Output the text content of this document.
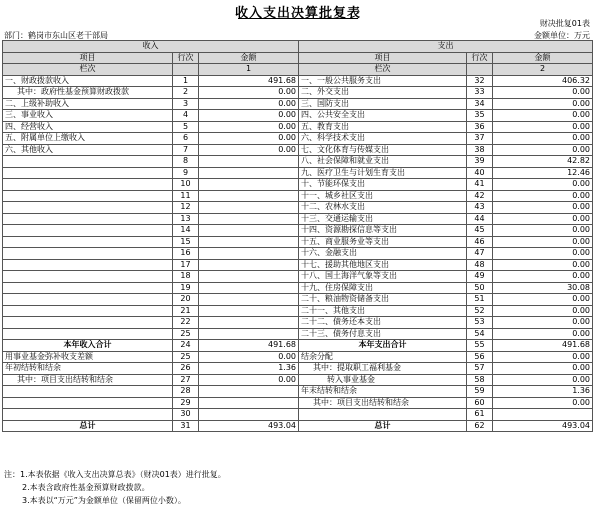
收入支出决算批复表
财决批复01表
部门：鹤岗市东山区老干部局	金额单位：万元
收入			支出		
项目	行次	金额	项目	行次	金额
栏次		1	栏次		2
一、财政拨款收入	1	491.68	一、一般公共服务支出	32	406.32
其中：政府性基金预算财政拨款	2	0.00	二、外交支出	33	0.00
二、上级补助收入	3	0.00	三、国防支出	34	0.00
三、事业收入	4	0.00	四、公共安全支出	35	0.00
四、经营收入	5	0.00	五、教育支出	36	0.00
五、附属单位上缴收入	6	0.00	六、科学技术支出	37	0.00
六、其他收入	7	0.00	七、文化体育与传媒支出	38	0.00
	8		八、社会保障和就业支出	39	42.82
	9		九、医疗卫生与计划生育支出	40	12.46
	10		十、节能环保支出	41	0.00
	11		十一、城乡社区支出	42	0.00
	12		十二、农林水支出	43	0.00
	13		十三、交通运输支出	44	0.00
	14		十四、资源勘探信息等支出	45	0.00
	15		十五、商业服务业等支出	46	0.00
	16		十六、金融支出	47	0.00
	17		十七、援助其他地区支出	48	0.00
	18		十八、国土海洋气象等支出	49	0.00
	19		十九、住房保障支出	50	30.08
	20		二十、粮油物资储备支出	51	0.00
	21		二十一、其他支出	52	0.00
	22		二十二、债务还本支出	53	0.00
	25		二十三、债务付息支出	54	0.00
本年收入合计	24	491.68	本年支出合计	55	491.68
用事业基金弥补收支差额	25	0.00	结余分配	56	0.00
年初结转和结余	26	1.36	其中：提取职工福利基金	57	0.00
其中：项目支出结转和结余	27	0.00	转入事业基金	58	0.00
	28		年末结转和结余	59	1.36
	29		其中：项目支出结转和结余	60	0.00
	30			61	
总计	31	493.04	总计	62	493.04
注：1.本表依据《收入支出决算总表》（财决01表）进行批复。
2.本表含政府性基金预算财政拨款。
3.本表以“万元”为金额单位（保留两位小数）。
